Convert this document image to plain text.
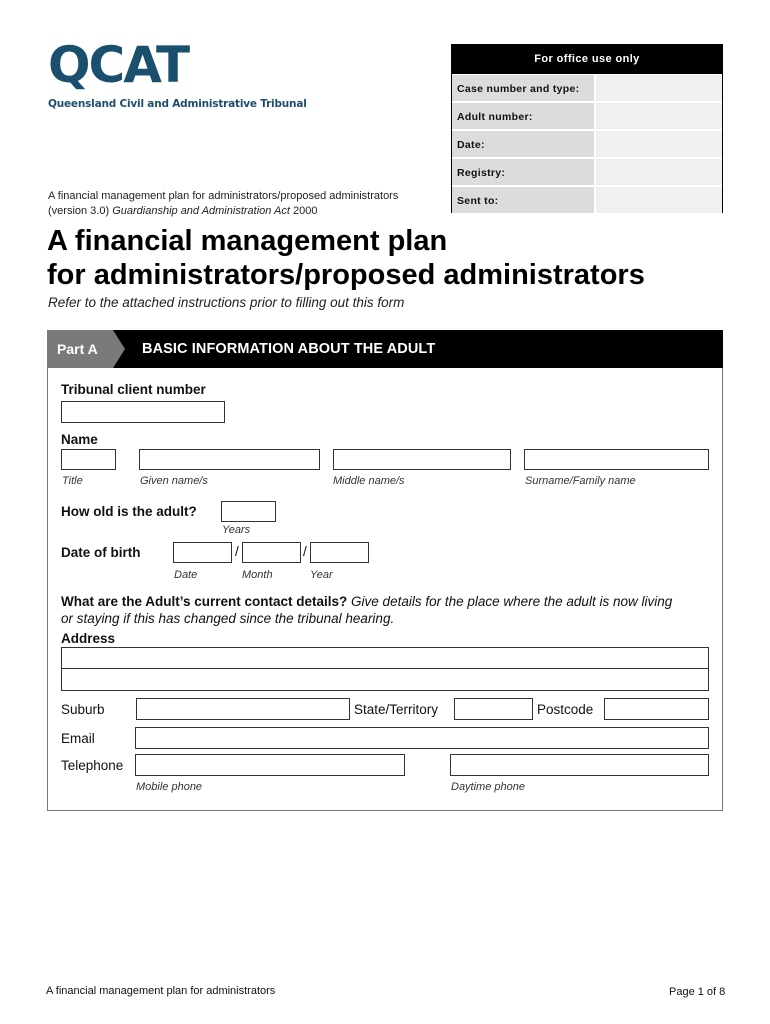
QCAT
Queensland Civil and Administrative Tribunal
For office use only
Case number and type:
Adult number:
Date:
Registry:
Sent to:
A financial management plan for administrators/proposed administrators
(version 3.0) Guardianship and Administration Act 2000
A financial management plan
for administrators/proposed administrators
Refer to the attached instructions prior to filling out this form
Part A	BASIC INFORMATION ABOUT THE ADULT
Tribunal client number
Name
Title	Given name/s	Middle name/s	Surname/Family name
How old is the adult?
Years
Date of birth	/	/
Date	Month	Year
What are the Adult’s current contact details? Give details for the place where the adult is now living
or staying if this has changed since the tribunal hearing.
Address
Suburb	State/Territory	Postcode
Email
Telephone
Mobile phone	Daytime phone
A financial management plan for administrators	Page 1 of 8
